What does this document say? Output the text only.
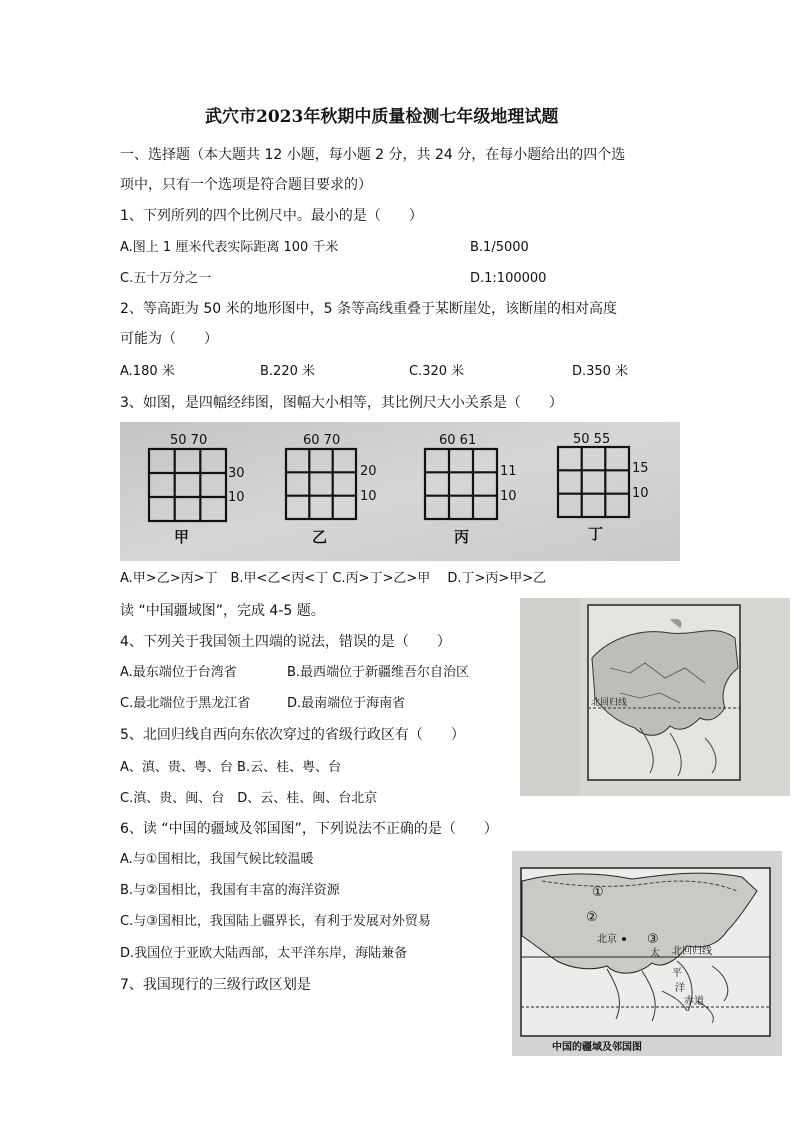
武穴市2023年秋期中质量检测七年级地理试题
一、选择题（本大题共 12 小题，每小题 2 分，共 24 分，在每小题给出的四个选
项中，只有一个选项是符合题目要求的）
1、下列所列的四个比例尺中。最小的是（　　）
A.图上 1 厘米代表实际距离 100 千米	B.1/5000
C.五十万分之一	D.1:100000
2、等高距为 50 米的地形图中，5 条等高线重叠于某断崖处，该断崖的相对高度
可能为（　　）
A.180 米	B.220 米	C.320 米	D.350 米
3、如图，是四幅经纬图，图幅大小相等，其比例尺大小关系是（　　）
50 70
30
10
甲
60 70
20
10
乙
60 61
11
10
丙
50 55
15
10
丁
A.甲>乙>丙>丁　B.甲<乙<丙<丁 C.丙>丁>乙>甲　 D.丁>丙>甲>乙
读 “中国疆域图”，完成 4-5 题。
北回归线
4、下列关于我国领土四端的说法，错误的是（　　）
A.最东端位于台湾省	B.最西端位于新疆维吾尔自治区
C.最北端位于黑龙江省	D.最南端位于海南省
5、北回归线自西向东依次穿过的省级行政区有（　　）
A、滇、贵、粤、台 B.云、桂、粤、台
C.滇、贵、闽、台　D、云、桂、闽、台北京
6、读 “中国的疆域及邻国图”，下列说法不正确的是（　　）
A.与①国相比，我国气候比较温暖
B.与②国相比，我国有丰富的海洋资源
C.与③国相比，我国陆上疆界长，有利于发展对外贸易
D.我国位于亚欧大陆西部，太平洋东岸，海陆兼备
7、我国现行的三级行政区划是
①
②
③
北京
太 北回归线
平
洋
赤道
中国的疆域及邻国图
